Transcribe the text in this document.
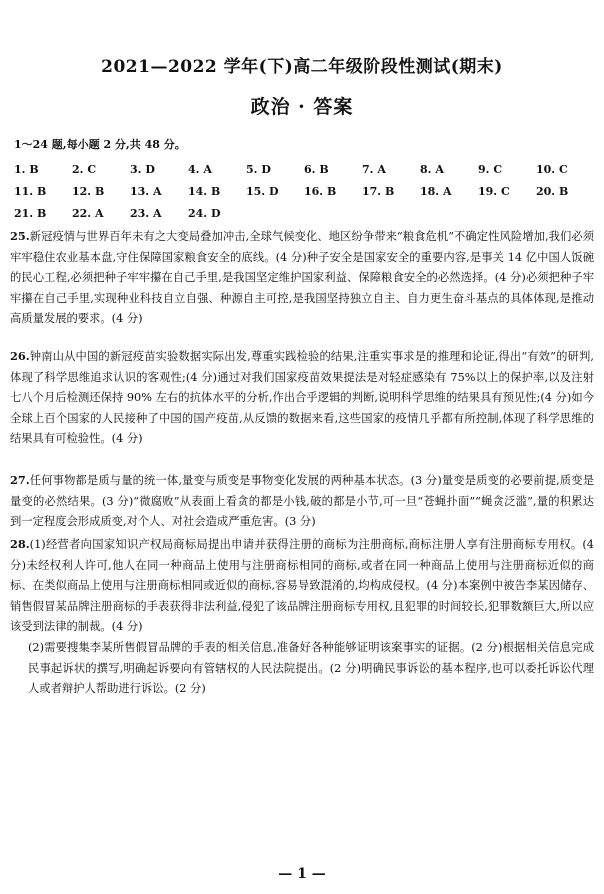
2021—2022 学年(下)高二年级阶段性测试(期末)
政治 · 答案
1～24 题,每小题 2 分,共 48 分。
1. B	2. C	3. D	4. A	5. D	6. B	7. A	8. A	9. C	10. C
11. B	12. B	13. A	14. B	15. D	16. B	17. B	18. A	19. C	20. B
21. B	22. A	23. A	24. D

25.新冠疫情与世界百年未有之大变局叠加冲击,全球气候变化、地区纷争带来“粮食危机”不确定性风险增加,我们必须牢牢稳住农业基本盘,守住保障国家粮食安全的底线。(4 分)种子安全是国家安全的重要内容,是事关 14 亿中国人饭碗的民心工程,必须把种子牢牢攥在自己手里,是我国坚定维护国家利益、保障粮食安全的必然选择。(4 分)必须把种子牢牢攥在自己手里,实现种业科技自立自强、种源自主可控,是我国坚持独立自主、自力更生奋斗基点的具体体现,是推动高质量发展的要求。(4 分)

26.钟南山从中国的新冠疫苗实验数据实际出发,尊重实践检验的结果,注重实事求是的推理和论证,得出“有效”的研判,体现了科学思维追求认识的客观性;(4 分)通过对我们国家疫苗效果提法是对轻症感染有 75%以上的保护率,以及注射七八个月后检测还保持 90% 左右的抗体水平的分析,作出合乎逻辑的判断,说明科学思维的结果具有预见性;(4 分)如今全球上百个国家的人民接种了中国的国产疫苗,从反馈的数据来看,这些国家的疫情几乎都有所控制,体现了科学思维的结果具有可检验性。(4 分)

27.任何事物都是质与量的统一体,量变与质变是事物变化发展的两种基本状态。(3 分)量变是质变的必要前提,质变是量变的必然结果。(3 分)“微腐败”从表面上看贪的都是小钱,破的都是小节,可一旦“苍蝇扑面”“蝇贪泛滥”,量的积累达到一定程度会形成质变,对个人、对社会造成严重危害。(3 分)

28.(1)经营者向国家知识产权局商标局提出申请并获得注册的商标为注册商标,商标注册人享有注册商标专用权。(4 分)未经权利人许可,他人在同一种商品上使用与注册商标相同的商标,或者在同一种商品上使用与注册商标近似的商标、在类似商品上使用与注册商标相同或近似的商标,容易导致混淆的,均构成侵权。(4 分)本案例中被告李某因储存、销售假冒某品牌注册商标的手表获得非法利益,侵犯了该品牌注册商标专用权,且犯罪的时间较长,犯罪数额巨大,所以应该受到法律的制裁。(4 分)

(2)需要搜集李某所售假冒品牌的手表的相关信息,准备好各种能够证明该案事实的证据。(2 分)根据相关信息完成民事起诉状的撰写,明确起诉要向有管辖权的人民法院提出。(2 分)明确民事诉讼的基本程序,也可以委托诉讼代理人或者辩护人帮助进行诉讼。(2 分)

— 1 —
